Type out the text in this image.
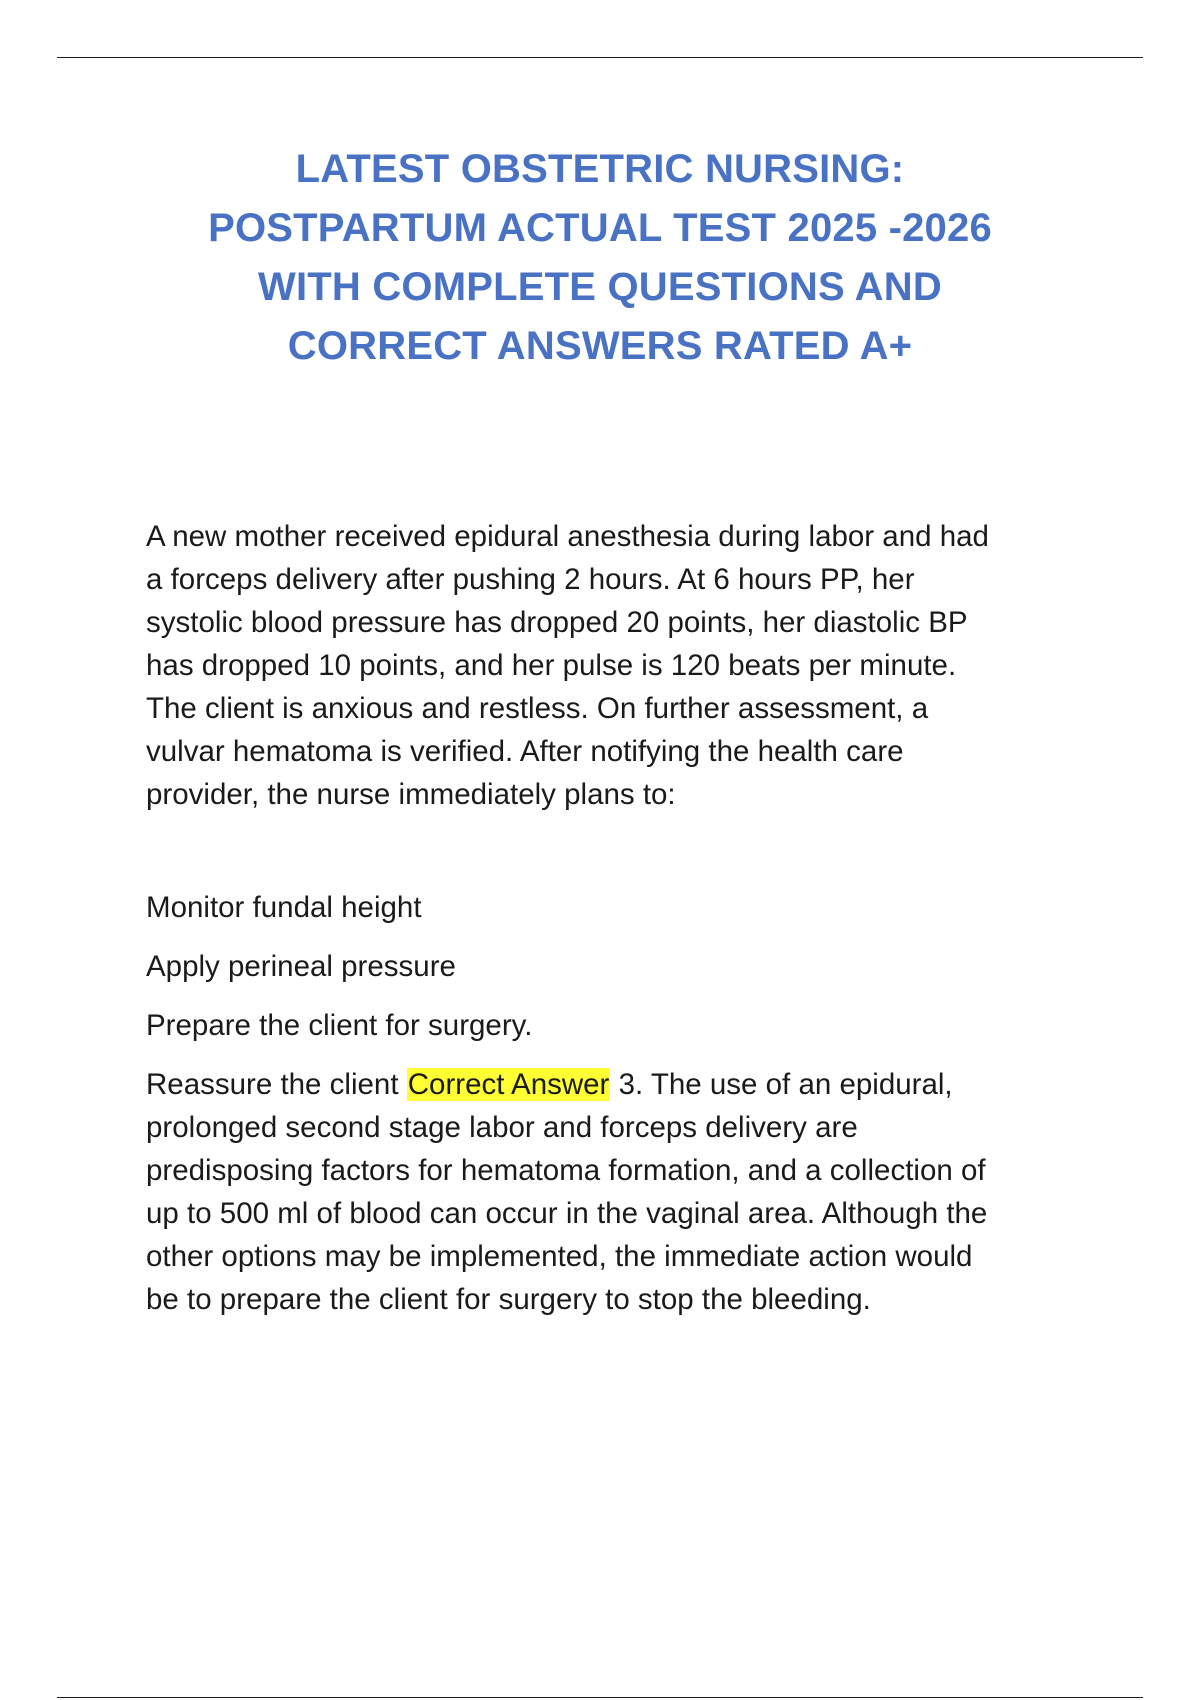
LATEST OBSTETRIC NURSING:
POSTPARTUM ACTUAL TEST 2025 -2026
WITH COMPLETE QUESTIONS AND
CORRECT ANSWERS RATED A+
A new mother received epidural anesthesia during labor and had
a forceps delivery after pushing 2 hours. At 6 hours PP, her
systolic blood pressure has dropped 20 points, her diastolic BP
has dropped 10 points, and her pulse is 120 beats per minute.
The client is anxious and restless. On further assessment, a
vulvar hematoma is verified. After notifying the health care
provider, the nurse immediately plans to:
Monitor fundal height
Apply perineal pressure
Prepare the client for surgery.
Reassure the client Correct Answer 3. The use of an epidural,
prolonged second stage labor and forceps delivery are
predisposing factors for hematoma formation, and a collection of
up to 500 ml of blood can occur in the vaginal area. Although the
other options may be implemented, the immediate action would
be to prepare the client for surgery to stop the bleeding.
